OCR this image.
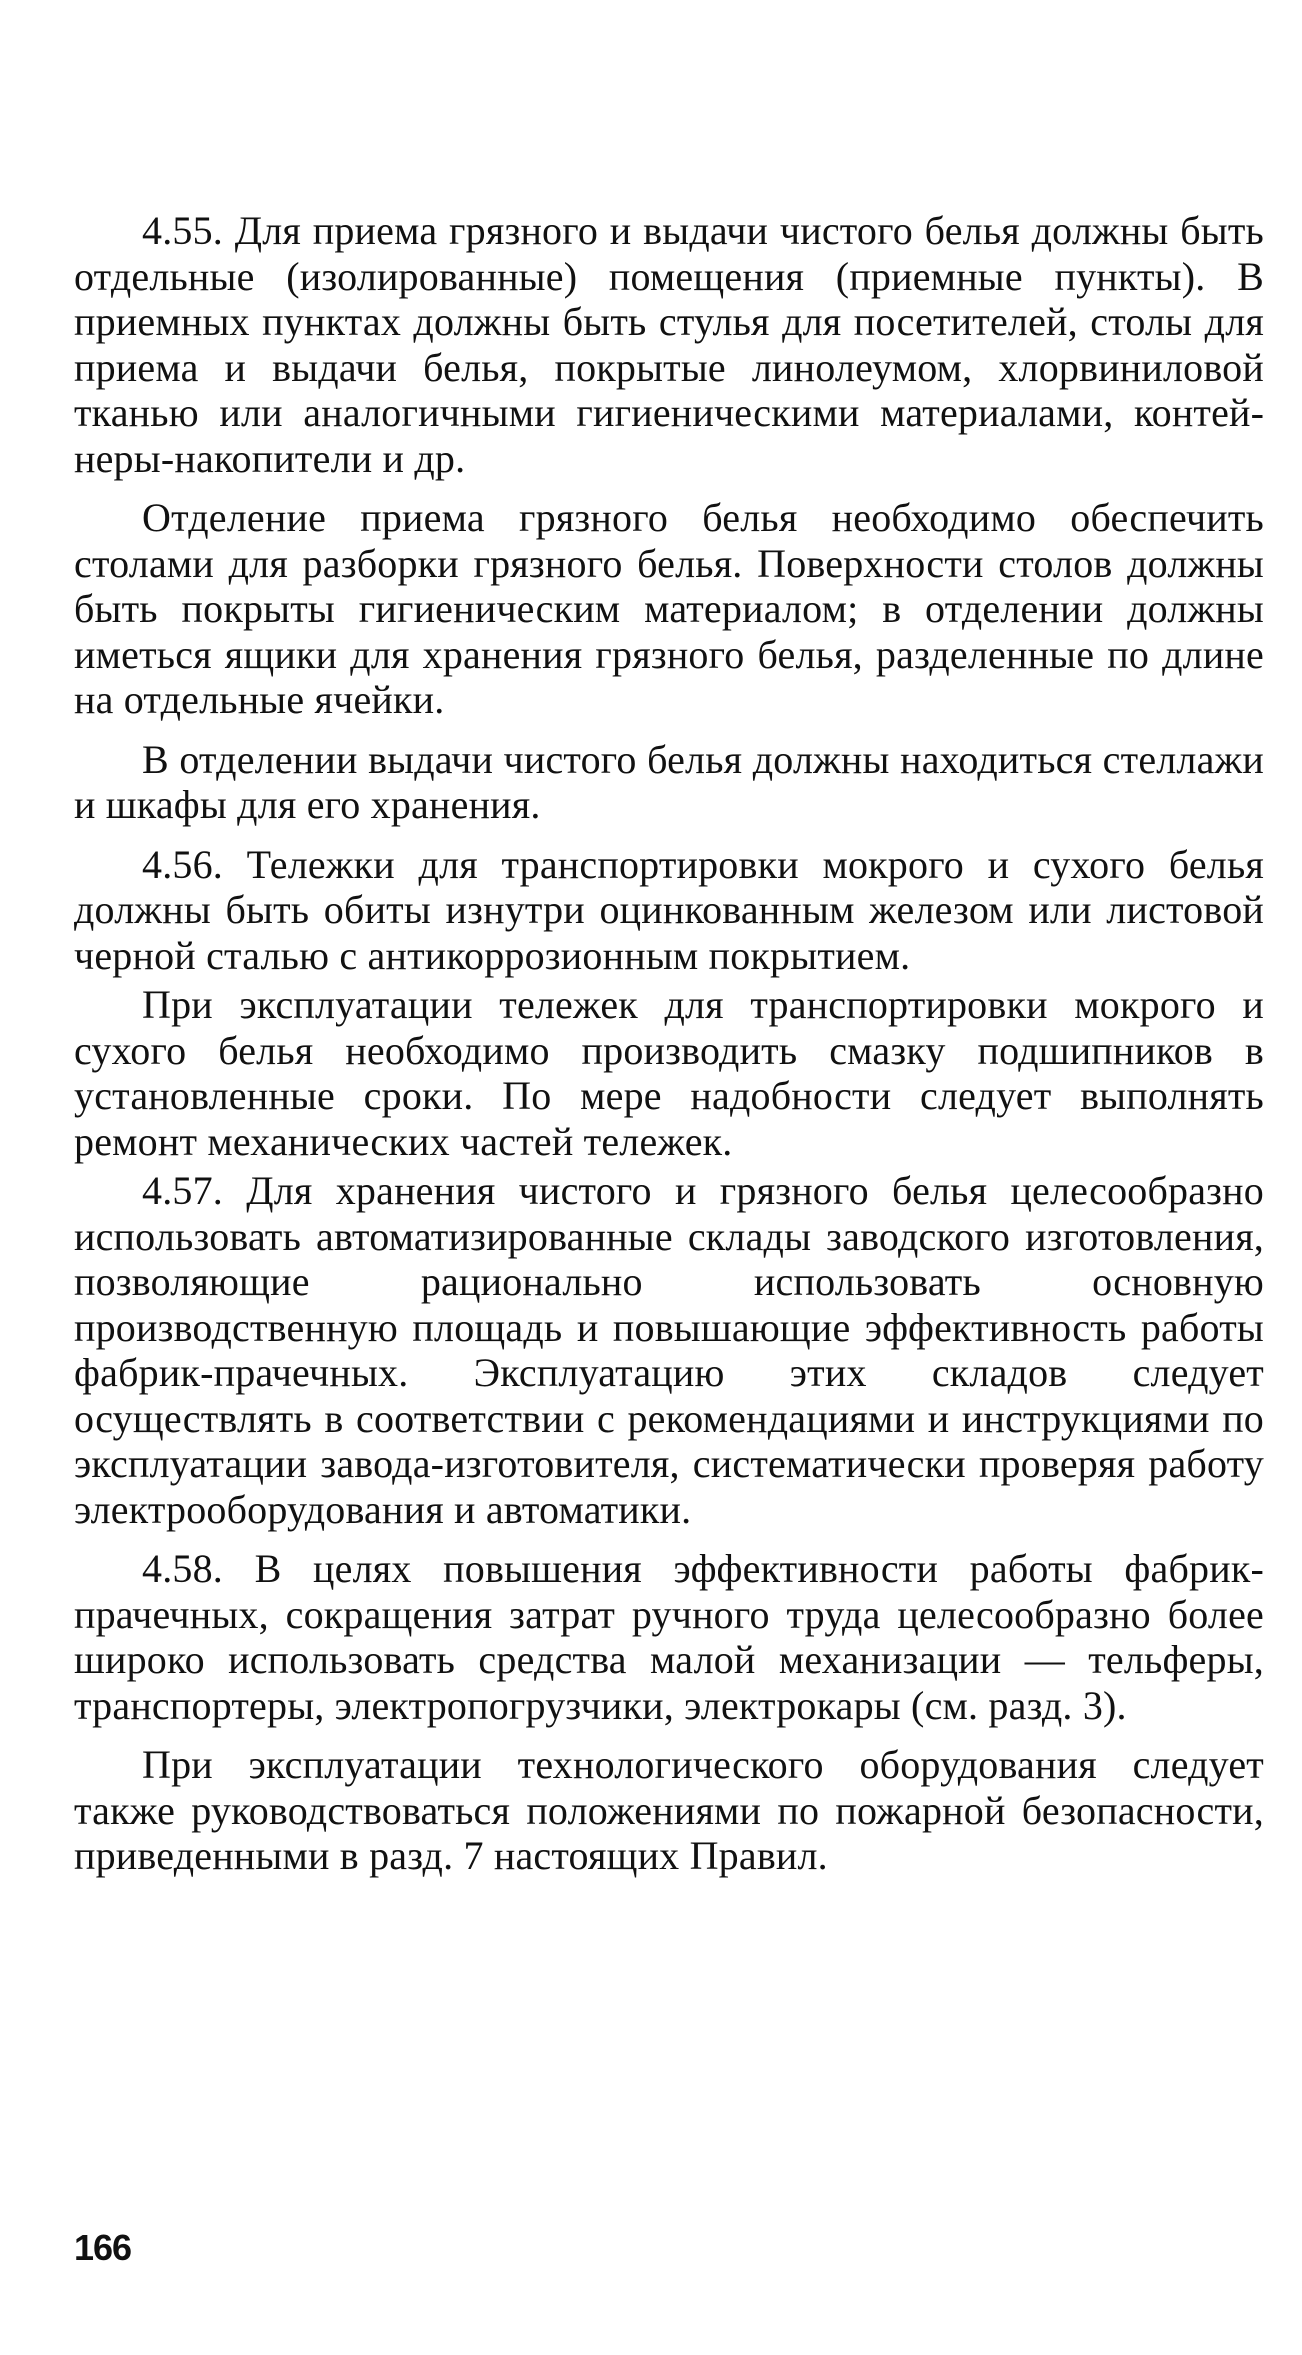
4.55. Для приема грязного и выдачи чистого белья должны быть отдельные (изолированные) помещения (приемные пункты). В приемных пунктах должны быть стулья для посетителей, столы для приема и выдачи белья, покрытые линолеумом, хлорвиниловой тканью или аналогичными гигиеническими материалами, контейнеры-накопители и др.

Отделение приема грязного белья необходимо обеспечить столами для разборки грязного белья. Поверхности столов должны быть покрыты гигиеническим материалом; в отделении должны иметься ящики для хранения грязного белья, разделенные по длине на отдельные ячейки.

В отделении выдачи чистого белья должны находиться стеллажи и шкафы для его хранения.

4.56. Тележки для транспортировки мокрого и сухого белья должны быть обиты изнутри оцинкованным железом или листовой черной сталью с антикоррозионным покрытием.

При эксплуатации тележек для транспортировки мокрого и сухого белья необходимо производить смазку подшипников в установленные сроки. По мере надобности следует выполнять ремонт механических частей тележек.

4.57. Для хранения чистого и грязного белья целесообразно использовать автоматизированные склады заводского изготовления, позволяющие рационально использовать основную производственную площадь и повышающие эффективность работы фабрик-прачечных. Эксплуатацию этих складов следует осуществлять в соответствии с рекомендациями и инструкциями по эксплуатации завода-изготовителя, систематически проверяя работу электрооборудования и автоматики.

4.58. В целях повышения эффективности работы фабрик-прачечных, сокращения затрат ручного труда целесообразно более широко использовать средства малой механизации — тельферы, транспортеры, электропогрузчики, электрокары (см. разд. 3).

При эксплуатации технологического оборудования следует также руководствоваться положениями по пожарной безопасности, приведенными в разд. 7 настоящих Правил.

166
